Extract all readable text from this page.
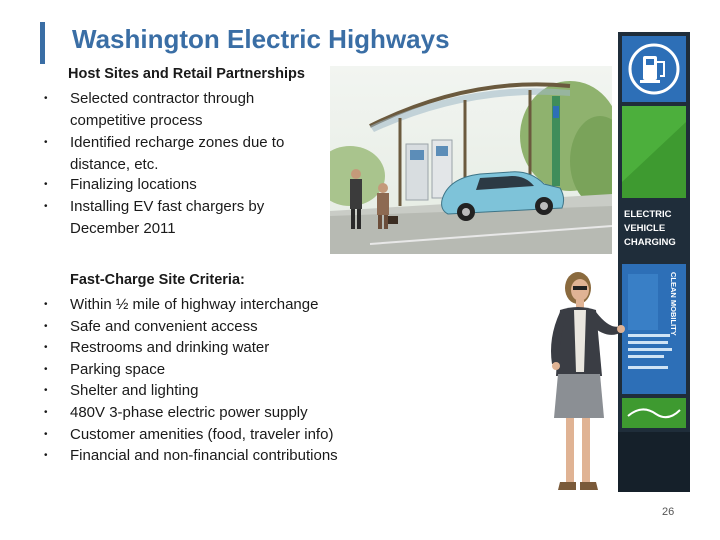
Washington Electric Highways
Host Sites and Retail Partnerships
• Selected contractor through competitive process
• Identified recharge zones due to distance, etc.
• Finalizing locations
• Installing EV fast chargers by December 2011
Fast-Charge Site Criteria:
• Within ½ mile of highway interchange
• Safe and convenient access
• Restrooms and drinking water
• Parking space
• Shelter and lighting
• 480V 3-phase electric power supply
• Customer amenities (food, traveler info)
• Financial and non-financial contributions
ELECTRIC
VEHICLE
CHARGING
CLEAN MOBILITY
26
